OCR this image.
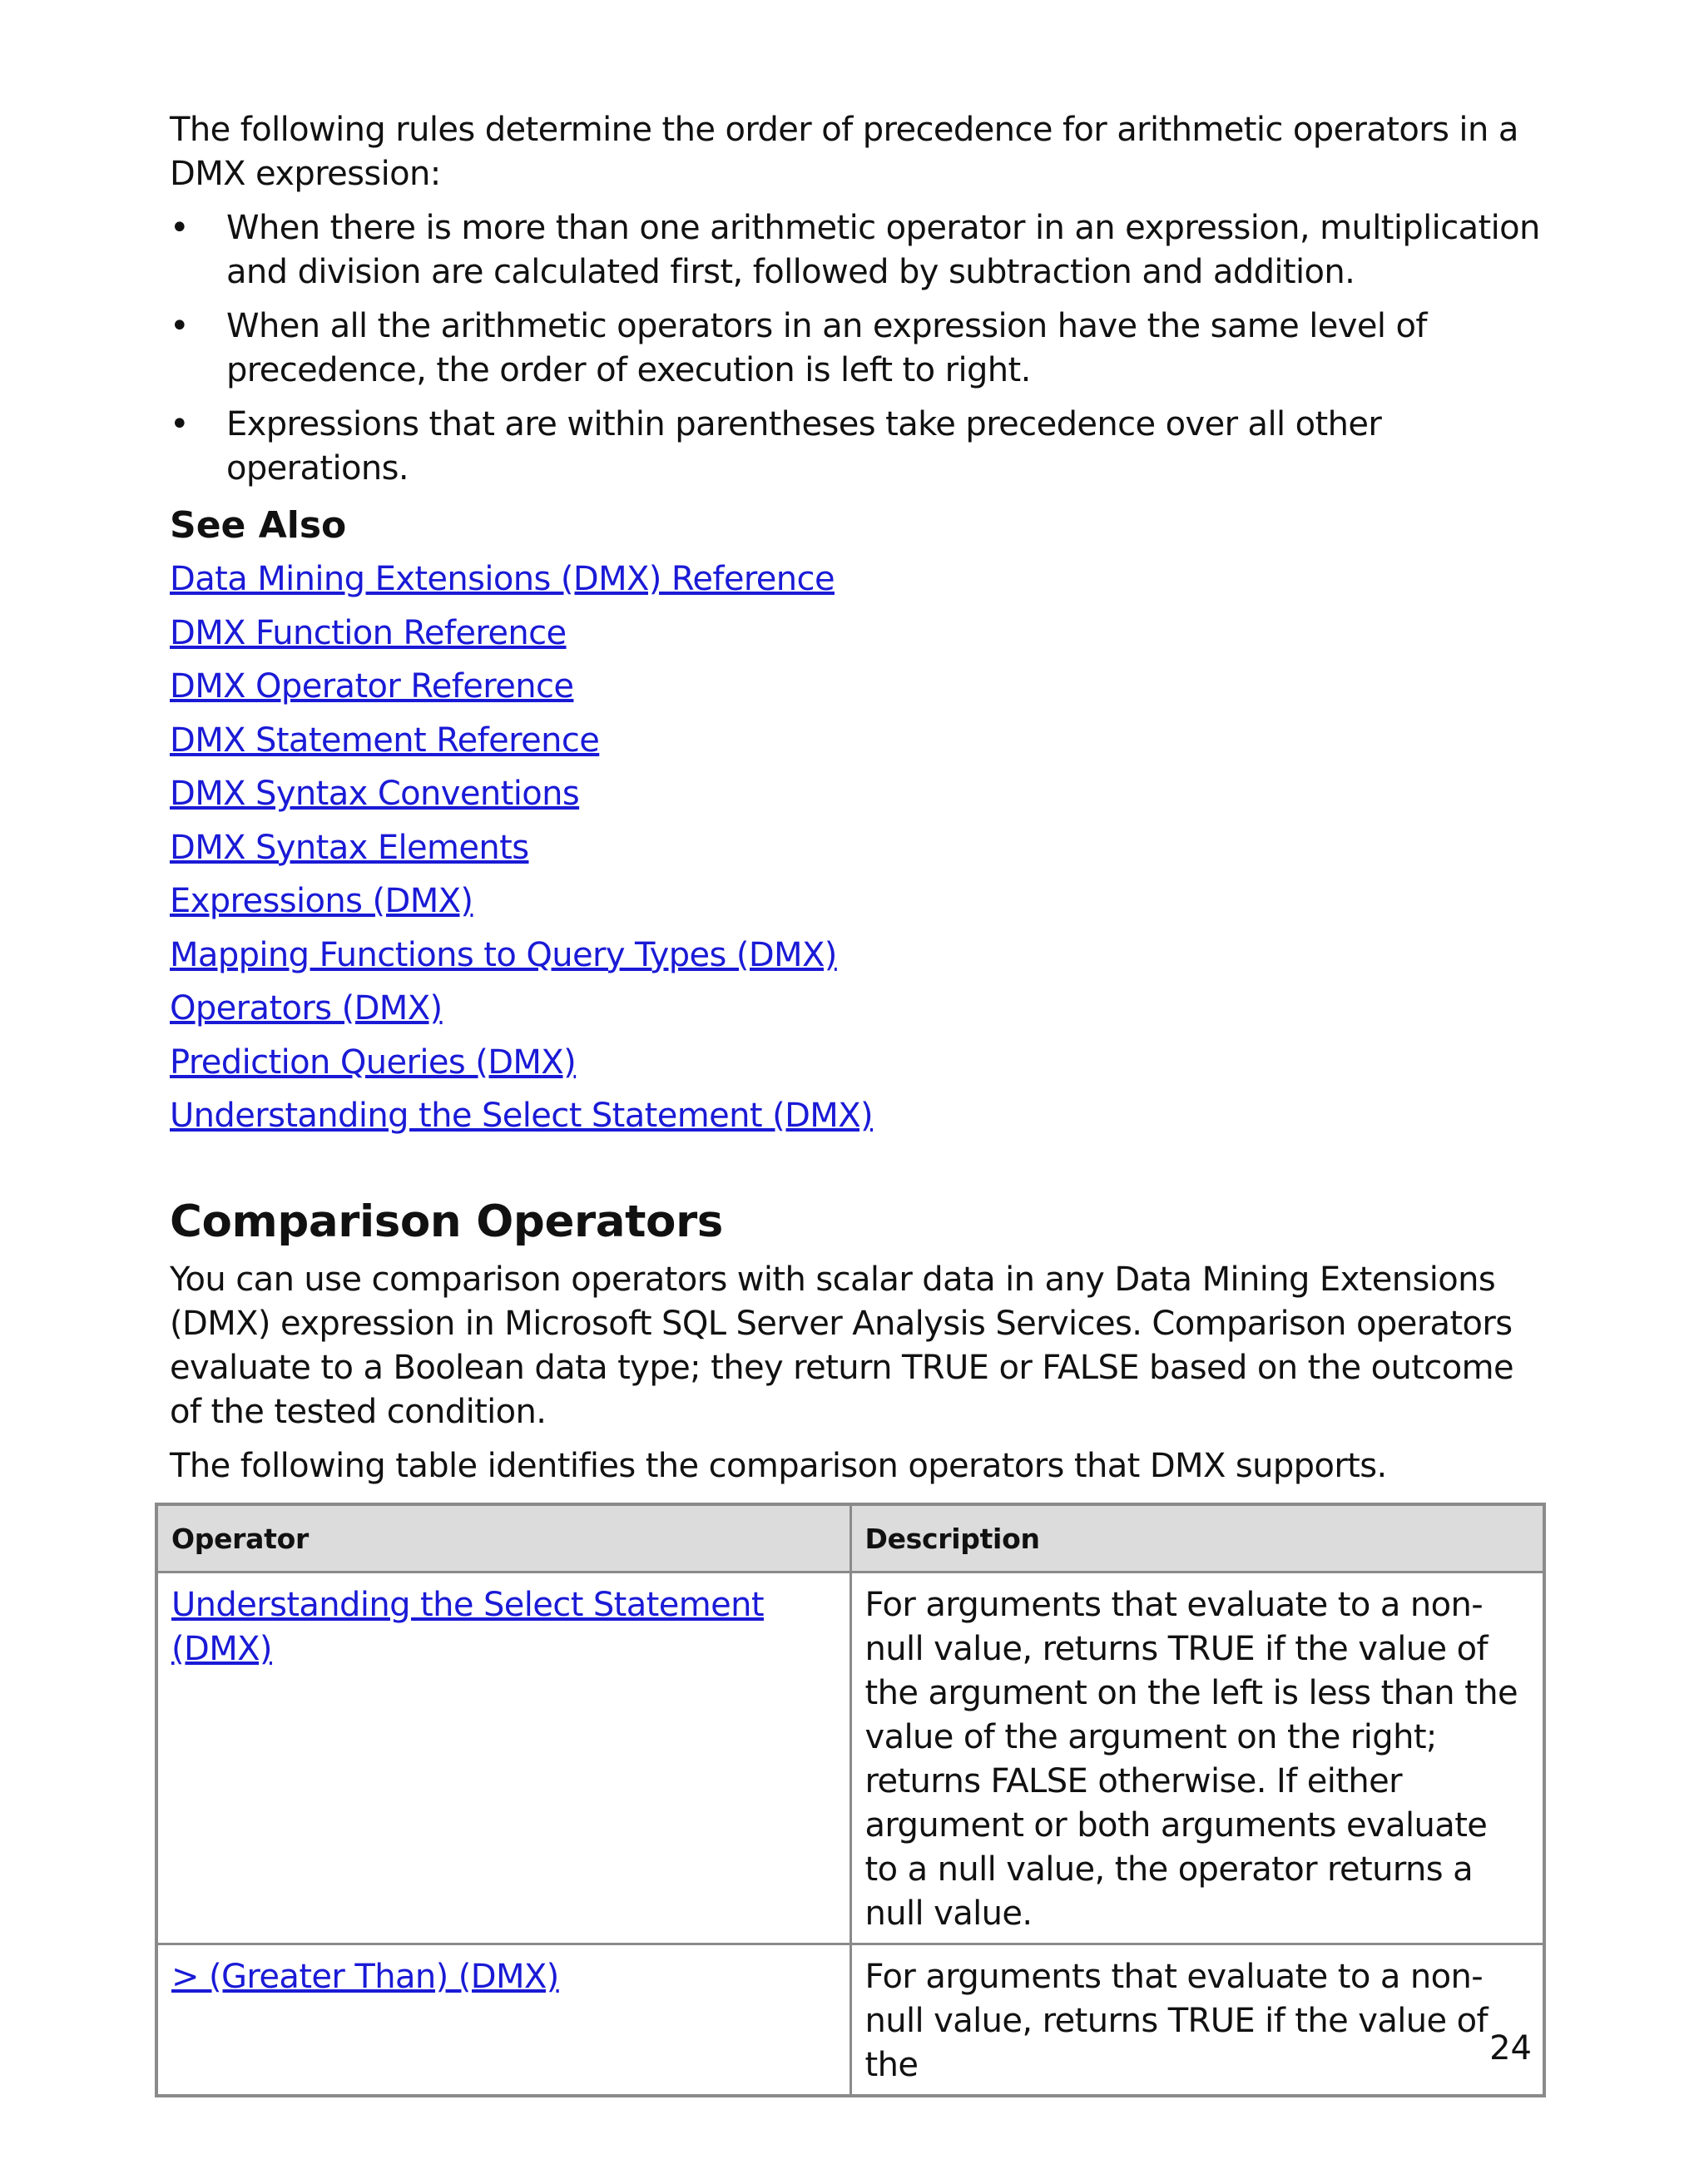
The following rules determine the order of precedence for arithmetic operators in a DMX expression:

• When there is more than one arithmetic operator in an expression, multiplication and division are calculated first, followed by subtraction and addition.
• When all the arithmetic operators in an expression have the same level of precedence, the order of execution is left to right.
• Expressions that are within parentheses take precedence over all other operations.
See Also
Data Mining Extensions (DMX) Reference
DMX Function Reference
DMX Operator Reference
DMX Statement Reference
DMX Syntax Conventions
DMX Syntax Elements
Expressions (DMX)
Mapping Functions to Query Types (DMX)
Operators (DMX)
Prediction Queries (DMX)
Understanding the Select Statement (DMX)
Comparison Operators

You can use comparison operators with scalar data in any Data Mining Extensions (DMX) expression in Microsoft SQL Server Analysis Services. Comparison operators evaluate to a Boolean data type; they return TRUE or FALSE based on the outcome of the tested condition.

The following table identifies the comparison operators that DMX supports.

Operator	Description
Understanding the Select Statement (DMX)	For arguments that evaluate to a non-null value, returns TRUE if the value of the argument on the left is less than the value of the argument on the right; returns FALSE otherwise. If either argument or both arguments evaluate to a null value, the operator returns a null value.
> (Greater Than) (DMX)	For arguments that evaluate to a non-null value, returns TRUE if the value of the	24
